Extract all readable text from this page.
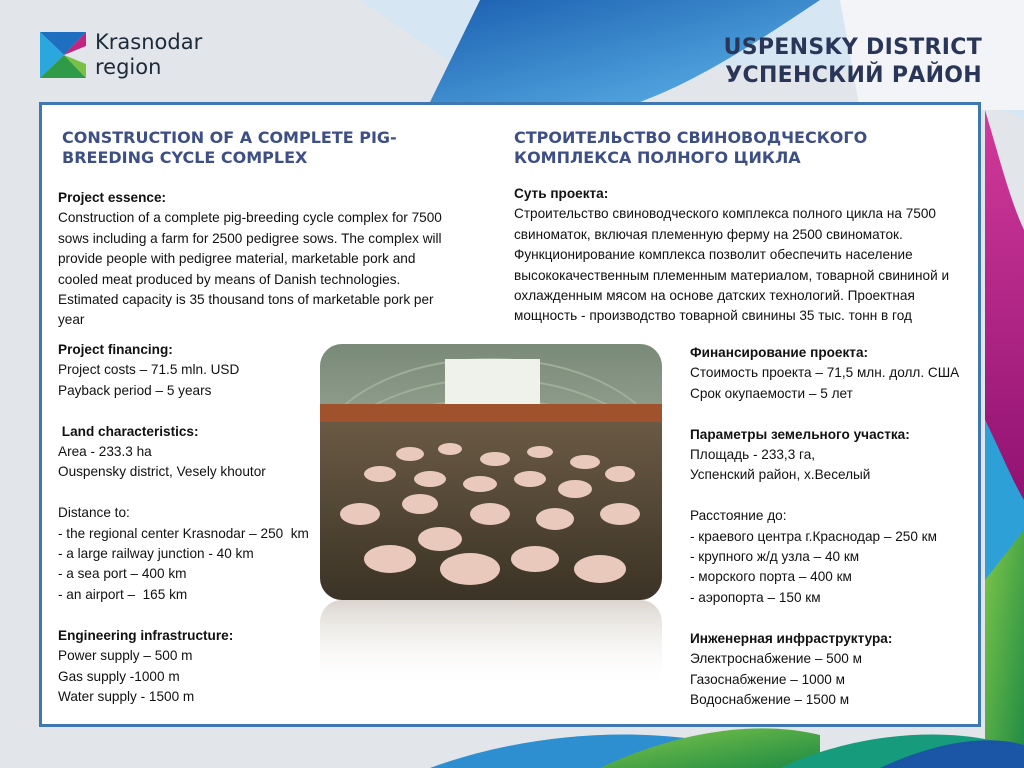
Krasnodar
region
USPENSKY DISTRICT
УСПЕНСКИЙ РАЙОН
CONSTRUCTION OF A COMPLETE PIG-BREEDING CYCLE COMPLEX
СТРОИТЕЛЬСТВО СВИНОВОДЧЕСКОГО КОМПЛЕКСА ПОЛНОГО ЦИКЛА
Project essence:
Construction of a complete pig-breeding cycle complex for 7500 sows including a farm for 2500 pedigree sows. The complex will provide people with pedigree material, marketable pork and cooled meat produced by means of Danish technologies. Estimated capacity is 35 thousand tons of marketable pork per year
Суть проекта:
Строительство свиноводческого комплекса полного цикла на 7500 свиноматок, включая племенную ферму на 2500 свиноматок. Функционирование комплекса позволит обеспечить население высококачественным племенным материалом, товарной свининой и охлажденным мясом на основе датских технологий. Проектная мощность - производство товарной свинины 35 тыс. тонн в год
Project financing:
Project costs – 71.5 mln. USD
Payback period – 5 years

Land characteristics:
Area - 233.3 ha
Ouspensky district, Vesely khoutor

Distance to:
- the regional center Krasnodar – 250  km
- a large railway junction - 40 km
- a sea port – 400 km
- an airport –  165 km

Engineering infrastructure:
Power supply – 500 m
Gas supply -1000 m
Water supply - 1500 m
Финансирование проекта:
Стоимость проекта – 71,5 млн. долл. США
Срок окупаемости – 5 лет

Параметры земельного участка:
Площадь - 233,3 га,
Успенский район, х.Веселый

Расстояние до:
- краевого центра г.Краснодар – 250 км
- крупного ж/д узла – 40 км
- морского порта – 400 км
- аэропорта – 150 км

Инженерная инфраструктура:
Электроснабжение – 500 м
Газоснабжение – 1000 м
Водоснабжение – 1500 м
